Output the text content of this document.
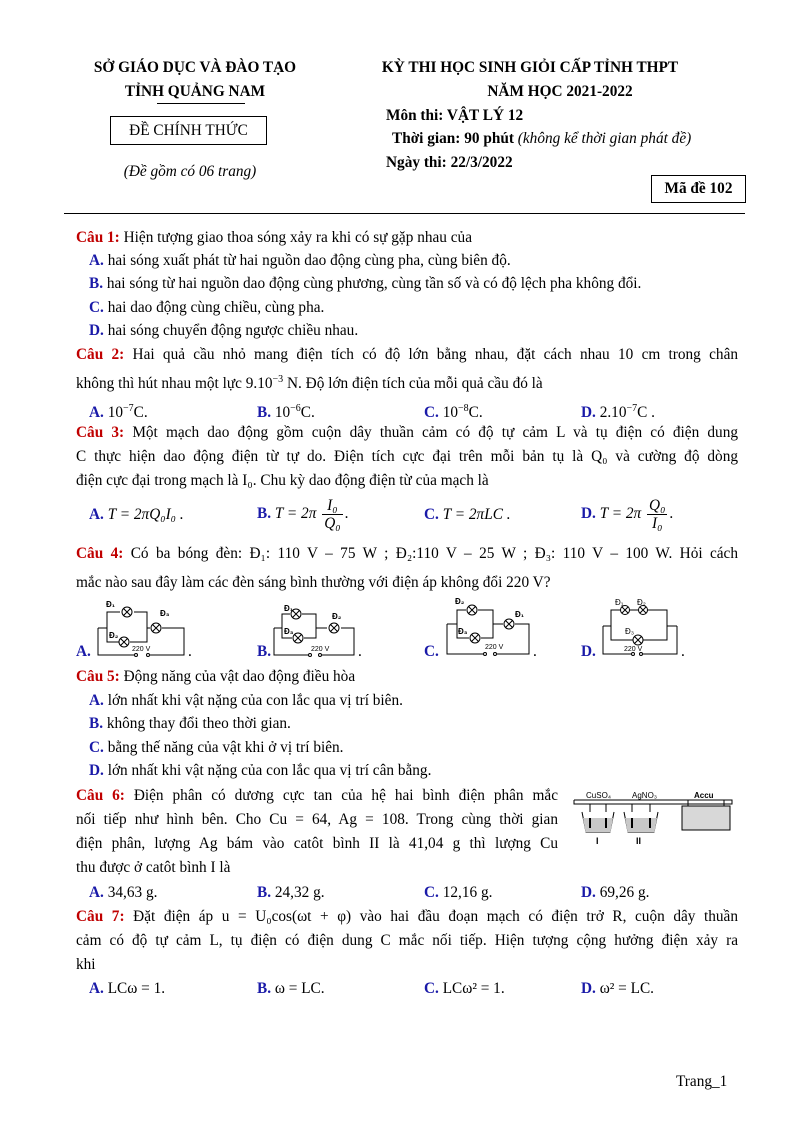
SỞ GIÁO DỤC VÀ ĐÀO TẠO
TỈNH QUẢNG NAM
ĐỀ CHÍNH THỨC
(Đề gồm có 06 trang)
KỲ THI HỌC SINH GIỎI CẤP TỈNH THPT
NĂM HỌC 2021-2022
Môn thi: VẬT LÝ 12
Thời gian: 90 phút (không kể thời gian phát đề)
Ngày thi: 22/3/2022
Mã đề 102
Câu 1: Hiện tượng giao thoa sóng xảy ra khi có sự gặp nhau của
A. hai sóng xuất phát từ hai nguồn dao động cùng pha, cùng biên độ.
B. hai sóng từ hai nguồn dao động cùng phương, cùng tần số và có độ lệch pha không đổi.
C. hai dao động cùng chiều, cùng pha.
D. hai sóng chuyển động ngược chiều nhau.
Câu 2: Hai quả cầu nhỏ mang điện tích có độ lớn bằng nhau, đặt cách nhau 10 cm trong chân
không thì hút nhau một lực $9.10^{-3}$ N. Độ lớn điện tích của mỗi quả cầu đó là
A. $10^{-7}C$.	B. $10^{-6}C$.	C. $10^{-8}C$.	D. $2.10^{-7}C$ .
Câu 3: Một mạch dao động gồm cuộn dây thuần cảm có độ tự cảm L và tụ điện có điện dung
C thực hiện dao động điện từ tự do. Điện tích cực đại trên mỗi bản tụ là Q₀ và cường độ dòng
điện cực đại trong mạch là I₀. Chu kỳ dao động điện từ của mạch là
A. T = 2πQ₀I₀ .	B. $T = 2\pi \frac{\text{I₀}}{\text{Q₀}}$ .	C. T = 2πLC .	D. $T = 2\pi \frac{\text{Q₀}}{\text{I₀}}$ .
Câu 4: Có ba bóng đèn: Đ₁: 110 V – 75 W ; Đ₂:110 V – 25 W ; Đ₃: 110 V – 100 W. Hỏi cách
mắc nào sau đây làm các đèn sáng bình thường với điện áp không đổi 220 V?
A.
Đ₁
Đ₂
Đ₃
220 V .	B.
Đ₁
Đ₃
Đ₂
220 V .	C.
Đ₂
Đ₃
Đ₁
220 V .	D.
Đ₁ Đ₂
Đ₃
220 V	.
Câu 5: Động năng của vật dao động điều hòa
A. lớn nhất khi vật nặng của con lắc qua vị trí biên.
B. không thay đổi theo thời gian.
C. bằng thế năng của vật khi ở vị trí biên.
D. lớn nhất khi vật nặng của con lắc qua vị trí cân bằng.
Câu 6: Điện phân có dương cực tan của hệ hai bình điện phân mắc
nối tiếp như hình bên. Cho Cu = 64, Ag = 108. Trong cùng thời gian
điện phân, lượng Ag bám vào catôt bình II là 41,04 g thì lượng Cu
thu được ở catôt bình I là
CuSO₄	AgNO₃	Accu
I	II
A. 34,63 g.	B. 24,32 g.	C. 12,16 g.	D. 69,26 g.
Câu 7: Đặt điện áp u = U₀cos(ωt + φ) vào hai đầu đoạn mạch có điện trở R, cuộn dây thuần
cảm có độ tự cảm L, tụ điện có điện dung C mắc nối tiếp. Hiện tượng cộng hưởng điện xảy ra
khi
A. LCω = 1.	B. ω = LC.	C. LCω² = 1.	D. ω² = LC.
Trang_1
